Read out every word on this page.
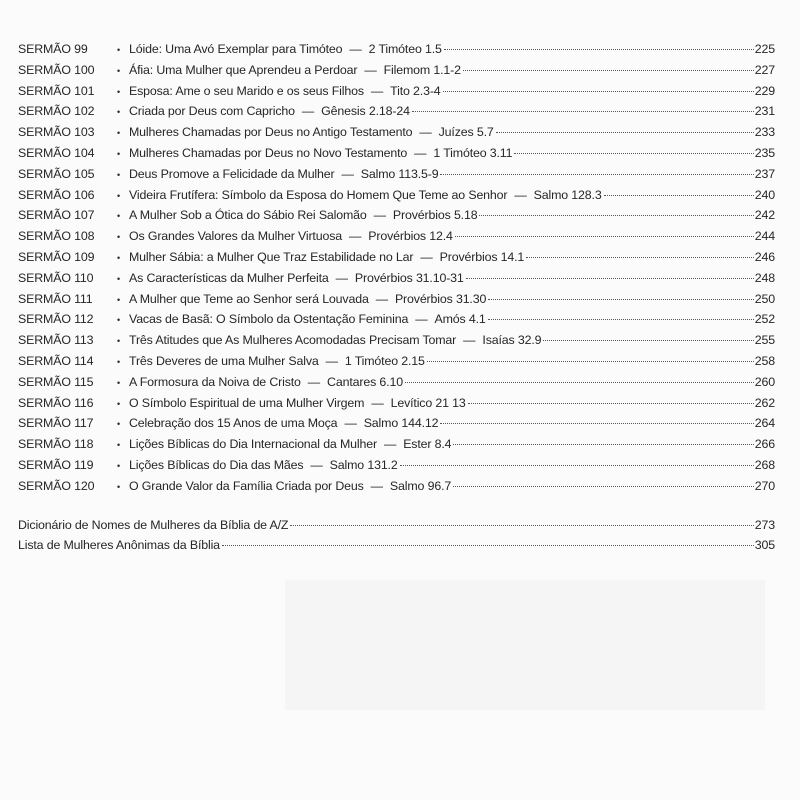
SERMÃO 99	• Lóide: Uma Avó Exemplar para Timóteo — 2 Timóteo 1.5	225
SERMÃO 100	• Áfia: Uma Mulher que Aprendeu a Perdoar — Filemom 1.1-2	227
SERMÃO 101	• Esposa: Ame o seu Marido e os seus Filhos — Tito 2.3-4	229
SERMÃO 102	• Criada por Deus com Capricho — Gênesis 2.18-24	231
SERMÃO 103	• Mulheres Chamadas por Deus no Antigo Testamento — Juízes 5.7	233
SERMÃO 104	• Mulheres Chamadas por Deus no Novo Testamento — 1 Timóteo 3.11	235
SERMÃO 105	• Deus Promove a Felicidade da Mulher — Salmo 113.5-9	237
SERMÃO 106	• Videira Frutífera: Símbolo da Esposa do Homem Que Teme ao Senhor — Salmo 128.3	240
SERMÃO 107	• A Mulher Sob a Ótica do Sábio Rei Salomão — Provérbios 5.18	242
SERMÃO 108	• Os Grandes Valores da Mulher Virtuosa — Provérbios 12.4	244
SERMÃO 109	• Mulher Sábia: a Mulher Que Traz Estabilidade no Lar — Provérbios 14.1	246
SERMÃO 110	• As Características da Mulher Perfeita — Provérbios 31.10-31	248
SERMÃO 111	• A Mulher que Teme ao Senhor será Louvada — Provérbios 31.30	250
SERMÃO 112	• Vacas de Basã: O Símbolo da Ostentação Feminina — Amós 4.1	252
SERMÃO 113	• Três Atitudes que As Mulheres Acomodadas Precisam Tomar — Isaías 32.9	255
SERMÃO 114	• Três Deveres de uma Mulher Salva — 1 Timóteo 2.15	258
SERMÃO 115	• A Formosura da Noiva de Cristo — Cantares 6.10	260
SERMÃO 116	• O Símbolo Espiritual de uma Mulher Virgem — Levítico 21 13	262
SERMÃO 117	• Celebração dos 15 Anos de uma Moça — Salmo 144.12	264
SERMÃO 118	• Lições Bíblicas do Dia Internacional da Mulher — Ester 8.4	266
SERMÃO 119	• Lições Bíblicas do Dia das Mães — Salmo 131.2	268
SERMÃO 120	• O Grande Valor da Família Criada por Deus — Salmo 96.7	270
Dicionário de Nomes de Mulheres da Bíblia de A/Z	273
Lista de Mulheres Anônimas da Bíblia	305
